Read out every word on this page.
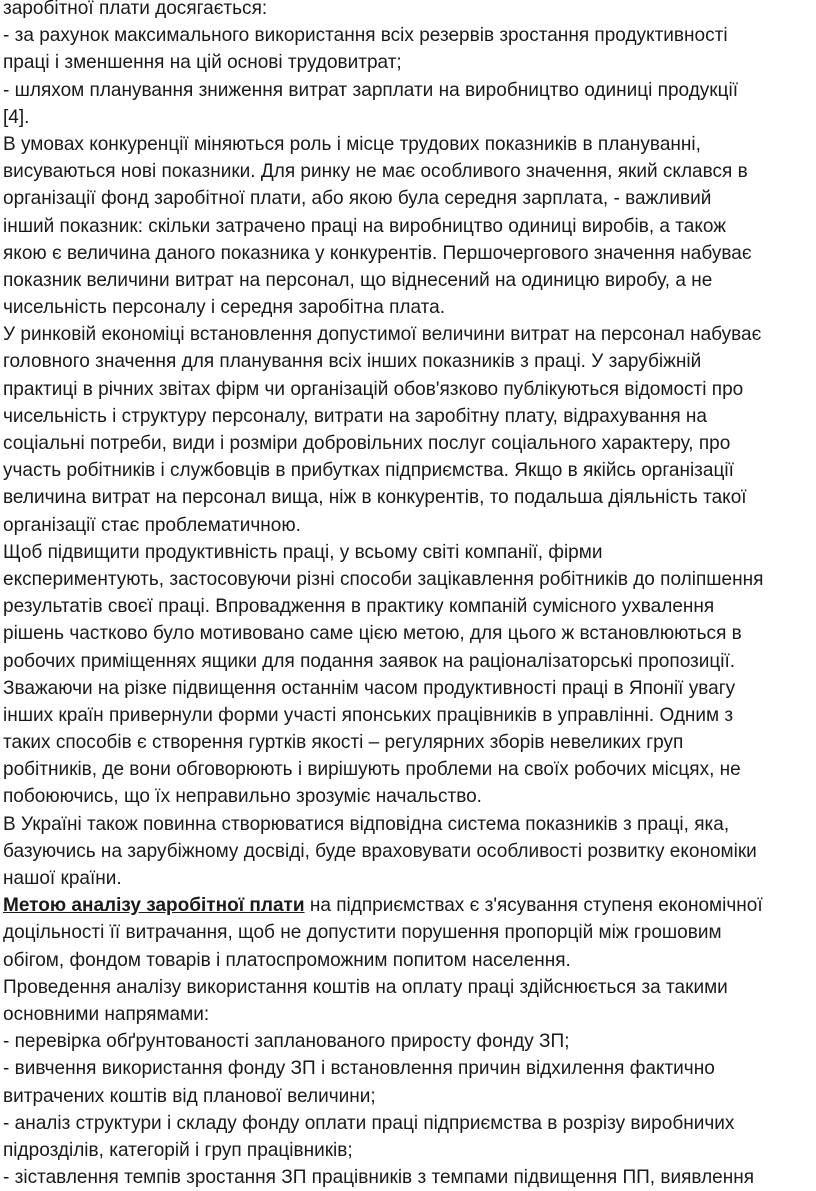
заробітної плати досягається:
- за рахунок максимального використання всіх резервів зростання продуктивності
праці і зменшення на цій основі трудовитрат;
- шляхом планування зниження витрат зарплати на виробництво одиниці продукції
[4].
В умовах конкуренції міняються роль і місце трудових показників в плануванні,
висуваються нові показники. Для ринку не має особливого значення, який склався в
організації фонд заробітної плати, або якою була середня зарплата, - важливий
інший показник: скільки затрачено праці на виробництво одиниці виробів, а також
якою є величина даного показника у конкурентів. Першочергового значення набуває
показник величини витрат на персонал, що віднесений на одиницю виробу, а не
чисельність персоналу і середня заробітна плата.
У ринковій економіці встановлення допустимої величини витрат на персонал набуває
головного значення для планування всіх інших показників з праці. У зарубіжній
практиці в річних звітах фірм чи організацій обов'язково публікуються відомості про
чисельність і структуру персоналу, витрати на заробітну плату, відрахування на
соціальні потреби, види і розміри добровільних послуг соціального характеру, про
участь робітників і службовців в прибутках підприємства. Якщо в якійсь організації
величина витрат на персонал вища, ніж в конкурентів, то подальша діяльність такої
організації стає проблематичною.
Щоб підвищити продуктивність праці, у всьому світі компанії, фірми
експериментують, застосовуючи різні способи зацікавлення робітників до поліпшення
результатів своєї праці. Впровадження в практику компаній сумісного ухвалення
рішень частково було мотивовано саме цією метою, для цього ж встановлюються в
робочих приміщеннях ящики для подання заявок на раціоналізаторські пропозиції.
Зважаючи на різке підвищення останнім часом продуктивності праці в Японії увагу
інших країн привернули форми участі японських працівників в управлінні. Одним з
таких способів є створення гуртків якості – регулярних зборів невеликих груп
робітників, де вони обговорюють і вирішують проблеми на своїх робочих місцях, не
побоюючись, що їх неправильно зрозуміє начальство.
В Україні також повинна створюватися відповідна система показників з праці, яка,
базуючись на зарубіжному досвіді, буде враховувати особливості розвитку економіки
нашої країни.
Метою аналізу заробітної плати на підприємствах є з'ясування ступеня економічної
доцільності її витрачання, щоб не допустити порушення пропорцій між грошовим
обігом, фондом товарів і платоспроможним попитом населення.
Проведення аналізу використання коштів на оплату праці здійснюється за такими
основними напрямами:
- перевірка обґрунтованості запланованого приросту фонду ЗП;
- вивчення використання фонду ЗП і встановлення причин відхилення фактично
витрачених коштів від планової величини;
- аналіз структури і складу фонду оплати праці підприємства в розрізу виробничих
підрозділів, категорій і груп працівників;
- зіставлення темпів зростання ЗП працівників з темпами підвищення ПП, виявлення
